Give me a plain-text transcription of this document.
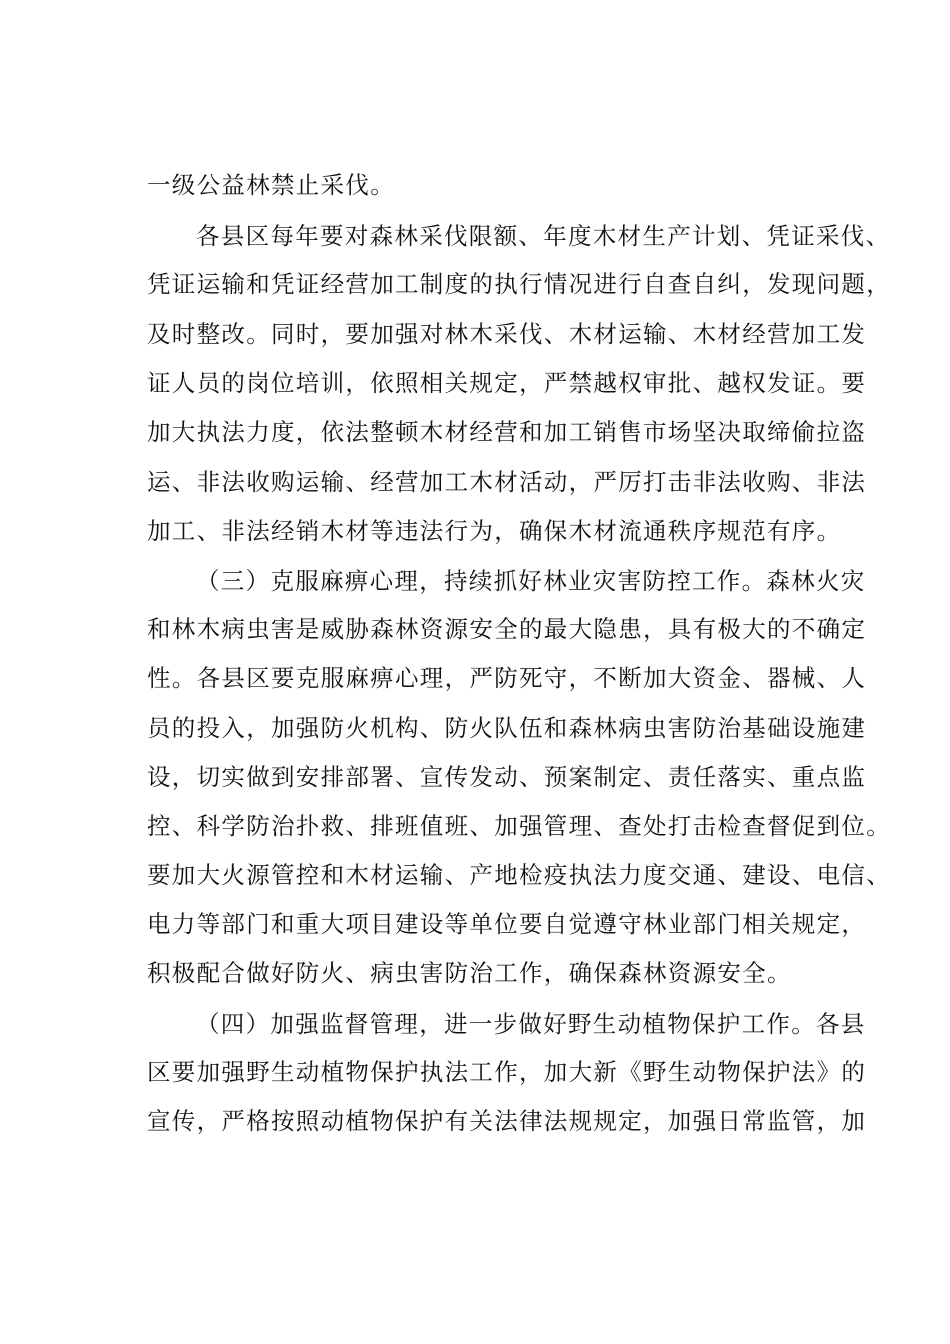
一级公益林禁止采伐。
各县区每年要对森林采伐限额、年度木材生产计划、凭证采伐、
凭证运输和凭证经营加工制度的执行情况进行自查自纠，发现问题，
及时整改。同时，要加强对林木采伐、木材运输、木材经营加工发
证人员的岗位培训，依照相关规定，严禁越权审批、越权发证。要
加大执法力度，依法整顿木材经营和加工销售市场坚决取缔偷拉盗
运、非法收购运输、经营加工木材活动，严厉打击非法收购、非法
加工、非法经销木材等违法行为，确保木材流通秩序规范有序。
（三）克服麻痹心理，持续抓好林业灾害防控工作。森林火灾
和林木病虫害是威胁森林资源安全的最大隐患，具有极大的不确定
性。各县区要克服麻痹心理，严防死守，不断加大资金、器械、人
员的投入，加强防火机构、防火队伍和森林病虫害防治基础设施建
设，切实做到安排部署、宣传发动、预案制定、责任落实、重点监
控、科学防治扑救、排班值班、加强管理、查处打击检查督促到位。
要加大火源管控和木材运输、产地检疫执法力度交通、建设、电信、
电力等部门和重大项目建设等单位要自觉遵守林业部门相关规定，
积极配合做好防火、病虫害防治工作，确保森林资源安全。
（四）加强监督管理，进一步做好野生动植物保护工作。各县
区要加强野生动植物保护执法工作，加大新《野生动物保护法》的
宣传，严格按照动植物保护有关法律法规规定，加强日常监管，加
